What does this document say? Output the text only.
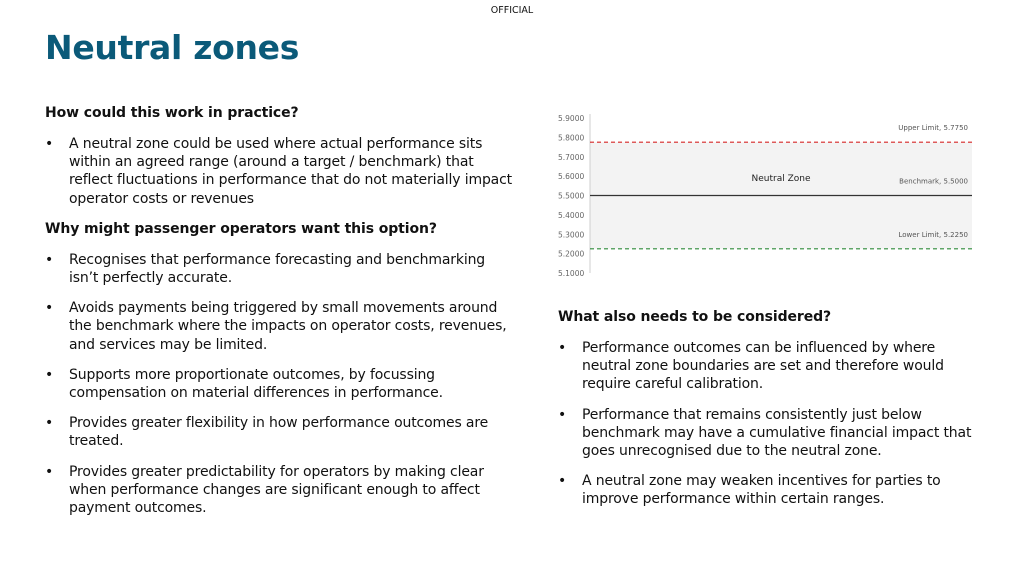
OFFICIAL
Neutral zones
How could this work in practice?
• A neutral zone could be used where actual performance sits within an agreed range (around a target / benchmark) that reflect fluctuations in performance that do not materially impact operator costs or revenues
Why might passenger operators want this option?
• Recognises that performance forecasting and benchmarking isn’t perfectly accurate.
• Avoids payments being triggered by small movements around the benchmark where the impacts on operator costs, revenues, and services may be limited.
• Supports more proportionate outcomes, by focussing compensation on material differences in performance.
• Provides greater flexibility in how performance outcomes are treated.
• Provides greater predictability for operators by making clear when performance changes are significant enough to affect payment outcomes.
5.9000
5.8000
5.7000
5.6000
5.5000
5.4000
5.3000
5.2000
5.1000
Upper Limit, 5.7750
Benchmark, 5.5000
Lower Limit, 5.2250
Neutral Zone
What also needs to be considered?
• Performance outcomes can be influenced by where neutral zone boundaries are set and therefore would require careful calibration.
• Performance that remains consistently just below benchmark may have a cumulative financial impact that goes unrecognised due to the neutral zone.
• A neutral zone may weaken incentives for parties to improve performance within certain ranges.
